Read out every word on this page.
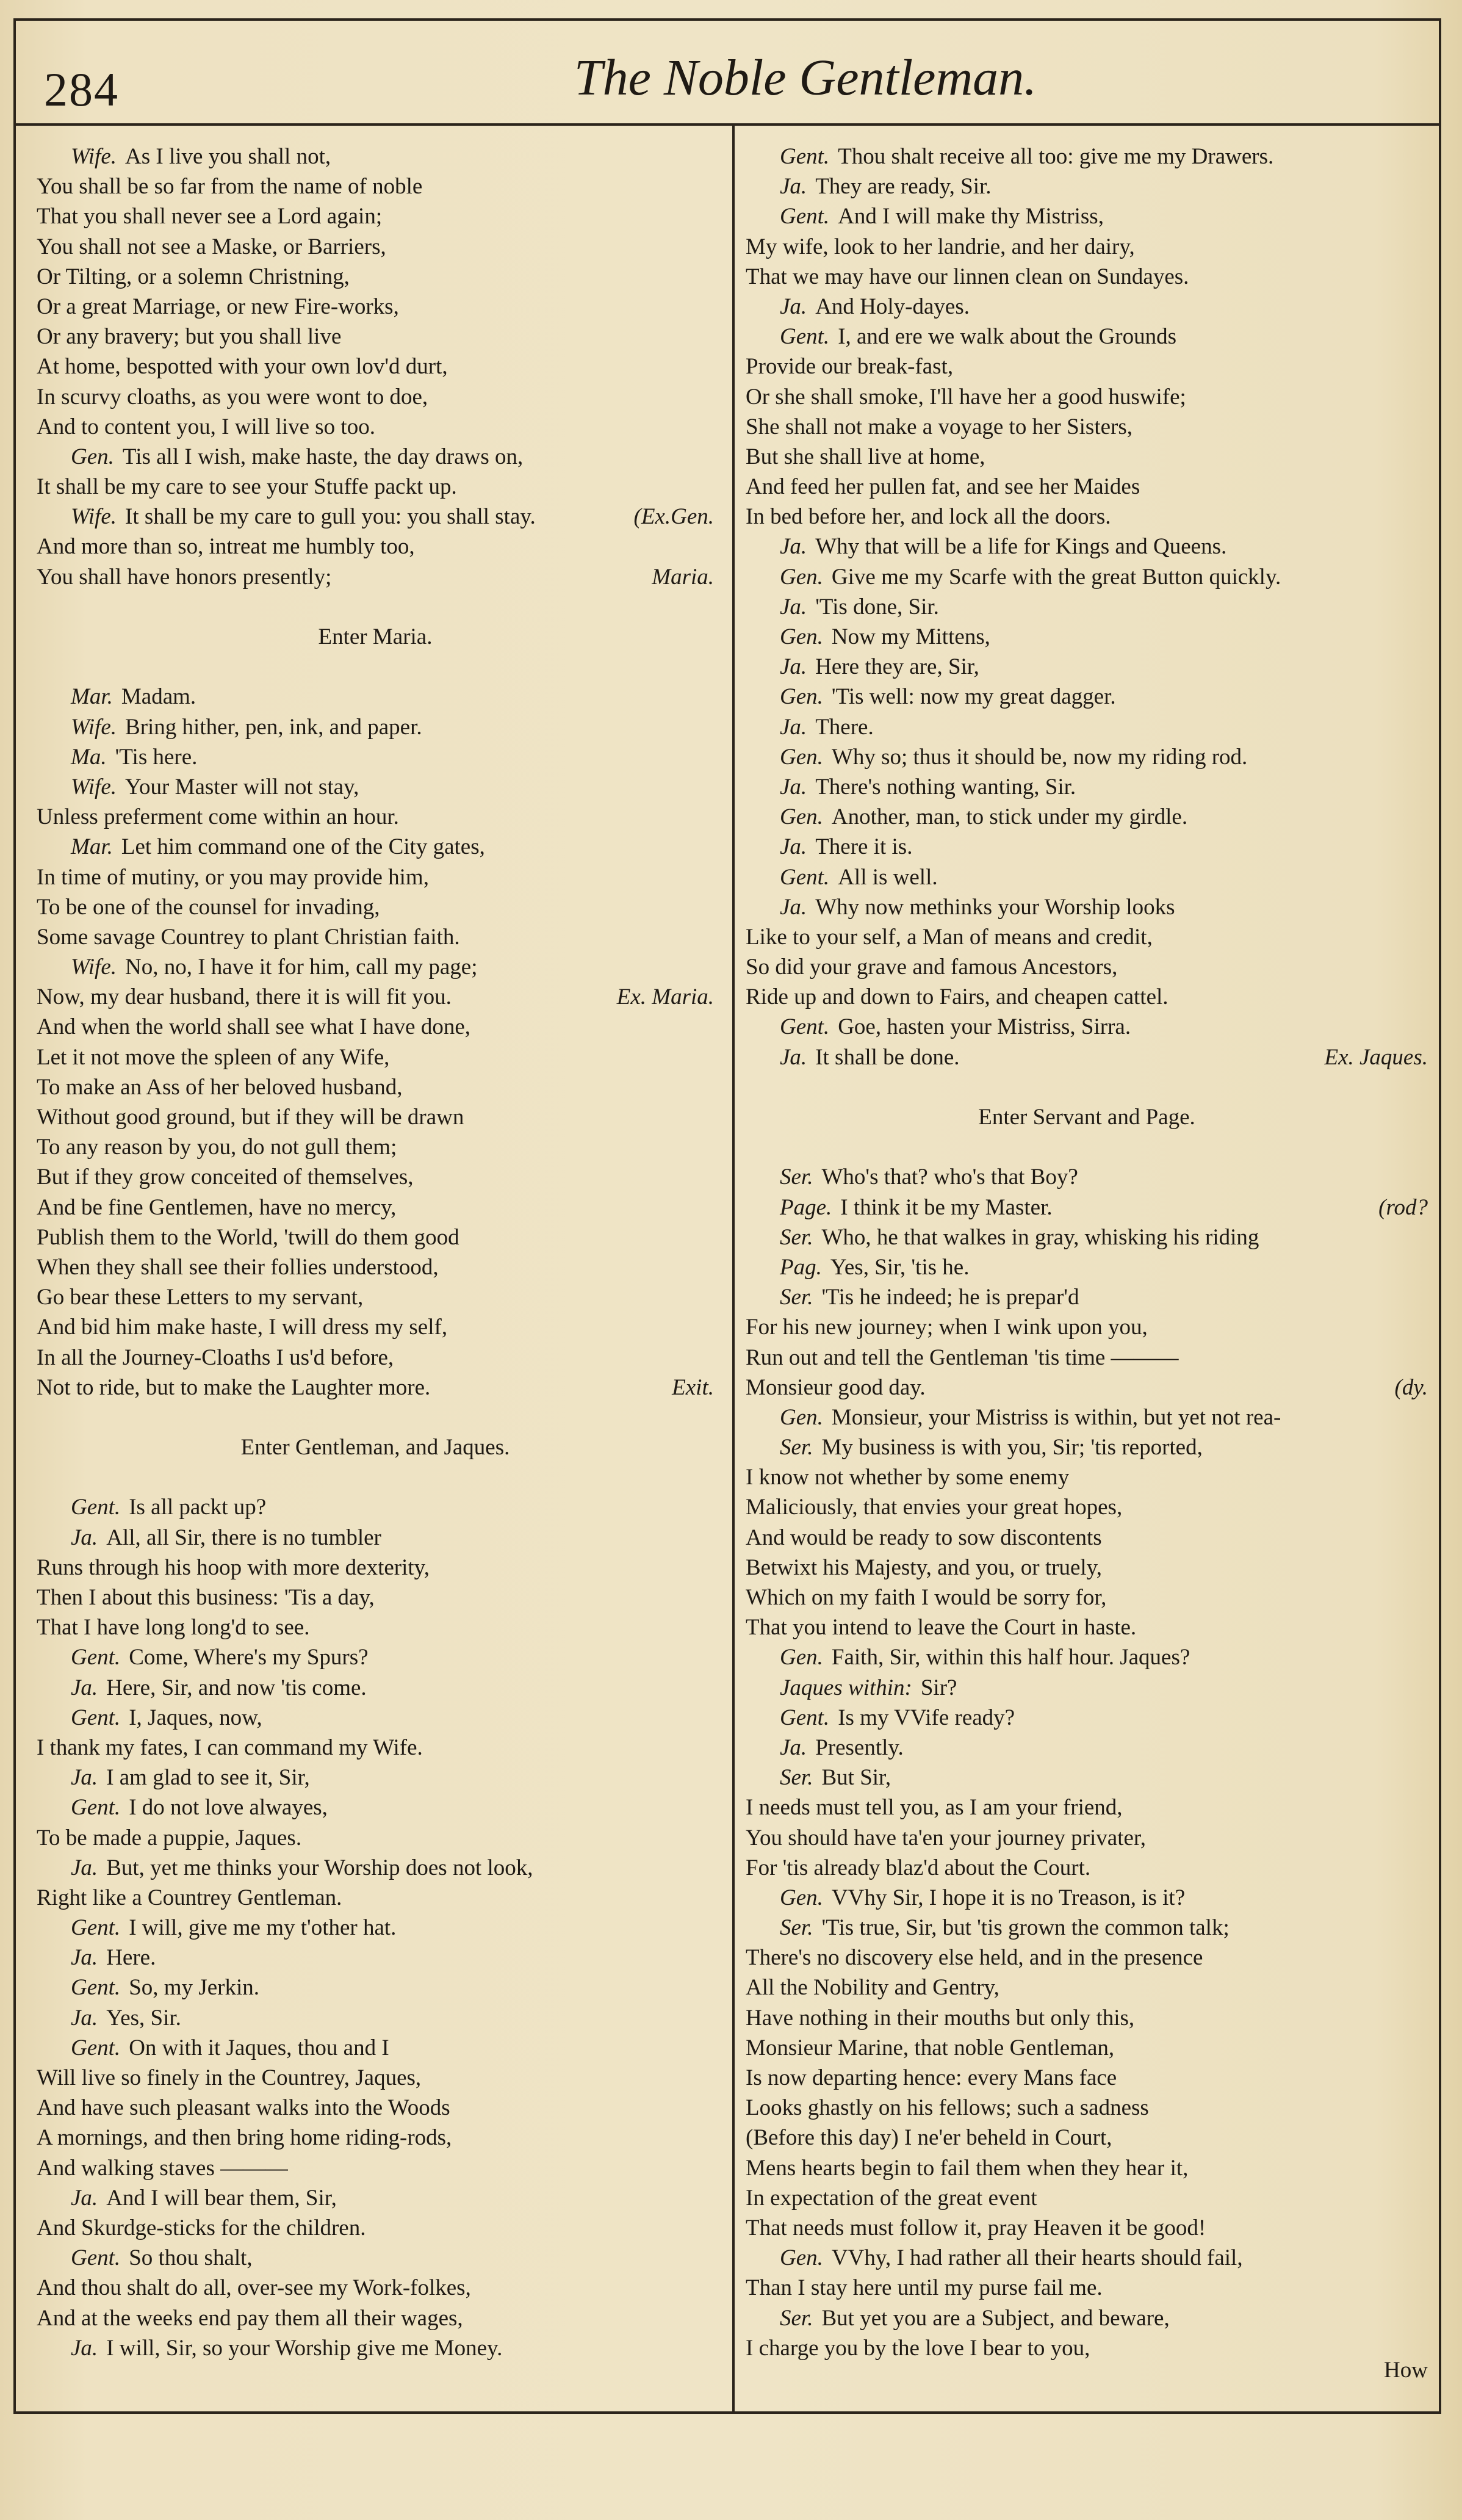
284	The Noble Gentleman.
Wife. As I live you shall not,
You shall be so far from the name of noble
That you shall never see a Lord again;
You shall not see a Maske, or Barriers,
Or Tilting, or a solemn Christning,
Or a great Marriage, or new Fire-works,
Or any bravery; but you shall live
At home, bespotted with your own lov'd durt,
In scurvy cloaths, as you were wont to doe,
And to content you, I will live so too.
Gen. Tis all I wish, make haste, the day draws on,
It shall be my care to see your Stuffe packt up.
Wife. It shall be my care to gull you: you shall stay.	(Ex.Gen.
And more than so, intreat me humbly too,
You shall have honors presently;	Maria.
Enter Maria.
Mar. Madam.
Wife. Bring hither, pen, ink, and paper.
Ma. 'Tis here.
Wife. Your Master will not stay,
Unless preferment come within an hour.
Mar. Let him command one of the City gates,
In time of mutiny, or you may provide him,
To be one of the counsel for invading,
Some savage Countrey to plant Christian faith.
Wife. No, no, I have it for him, call my page;
Now, my dear husband, there it is will fit you.	Ex. Maria.
And when the world shall see what I have done,
Let it not move the spleen of any Wife,
To make an Ass of her beloved husband,
Without good ground, but if they will be drawn
To any reason by you, do not gull them;
But if they grow conceited of themselves,
And be fine Gentlemen, have no mercy,
Publish them to the World, 'twill do them good
When they shall see their follies understood,
Go bear these Letters to my servant,
And bid him make haste, I will dress my self,
In all the Journey-Cloaths I us'd before,
Not to ride, but to make the Laughter more.	Exit.
Enter Gentleman, and Jaques.
Gent. Is all packt up?
Ja. All, all Sir, there is no tumbler
Runs through his hoop with more dexterity,
Then I about this business: 'Tis a day,
That I have long long'd to see.
Gent. Come, Where's my Spurs?
Ja. Here, Sir, and now 'tis come.
Gent. I, Jaques, now,
I thank my fates, I can command my Wife.
Ja. I am glad to see it, Sir,
Gent. I do not love alwayes,
To be made a puppie, Jaques.
Ja. But, yet me thinks your Worship does not look,
Right like a Countrey Gentleman.
Gent. I will, give me my t'other hat.
Ja. Here.
Gent. So, my Jerkin.
Ja. Yes, Sir.
Gent. On with it Jaques, thou and I
Will live so finely in the Countrey, Jaques,
And have such pleasant walks into the Woods
A mornings, and then bring home riding-rods,
And walking staves ———
Ja. And I will bear them, Sir,
And Skurdge-sticks for the children.
Gent. So thou shalt,
And thou shalt do all, over-see my Work-folkes,
And at the weeks end pay them all their wages,
Ja. I will, Sir, so your Worship give me Money.
Gent. Thou shalt receive all too: give me my Drawers.
Ja. They are ready, Sir.
Gent. And I will make thy Mistriss,
My wife, look to her landrie, and her dairy,
That we may have our linnen clean on Sundayes.
Ja. And Holy-dayes.
Gent. I, and ere we walk about the Grounds
Provide our break-fast,
Or she shall smoke, I'll have her a good huswife;
She shall not make a voyage to her Sisters,
But she shall live at home,
And feed her pullen fat, and see her Maides
In bed before her, and lock all the doors.
Ja. Why that will be a life for Kings and Queens.
Gen. Give me my Scarfe with the great Button quickly.
Ja. 'Tis done, Sir.
Gen. Now my Mittens,
Ja. Here they are, Sir,
Gen. 'Tis well: now my great dagger.
Ja. There.
Gen. Why so; thus it should be, now my riding rod.
Ja. There's nothing wanting, Sir.
Gen. Another, man, to stick under my girdle.
Ja. There it is.
Gent. All is well.
Ja. Why now methinks your Worship looks
Like to your self, a Man of means and credit,
So did your grave and famous Ancestors,
Ride up and down to Fairs, and cheapen cattel.
Gent. Goe, hasten your Mistriss, Sirra.
Ja. It shall be done.	Ex. Jaques.
Enter Servant and Page.
Ser. Who's that? who's that Boy?
Page. I think it be my Master.	(rod?
Ser. Who, he that walkes in gray, whisking his riding
Pag. Yes, Sir, 'tis he.
Ser. 'Tis he indeed; he is prepar'd
For his new journey; when I wink upon you,
Run out and tell the Gentleman 'tis time ———
Monsieur good day.	(dy.
Gen. Monsieur, your Mistriss is within, but yet not rea-
Ser. My business is with you, Sir; 'tis reported,
I know not whether by some enemy
Maliciously, that envies your great hopes,
And would be ready to sow discontents
Betwixt his Majesty, and you, or truely,
Which on my faith I would be sorry for,
That you intend to leave the Court in haste.
Gen. Faith, Sir, within this half hour. Jaques?
Jaques within: Sir?
Gent. Is my VVife ready?
Ja. Presently.
Ser. But Sir,
I needs must tell you, as I am your friend,
You should have ta'en your journey privater,
For 'tis already blaz'd about the Court.
Gen. VVhy Sir, I hope it is no Treason, is it?
Ser. 'Tis true, Sir, but 'tis grown the common talk;
There's no discovery else held, and in the presence
All the Nobility and Gentry,
Have nothing in their mouths but only this,
Monsieur Marine, that noble Gentleman,
Is now departing hence: every Mans face
Looks ghastly on his fellows; such a sadness
(Before this day) I ne'er beheld in Court,
Mens hearts begin to fail them when they hear it,
In expectation of the great event
That needs must follow it, pray Heaven it be good!
Gen. VVhy, I had rather all their hearts should fail,
Than I stay here until my purse fail me.
Ser. But yet you are a Subject, and beware,
I charge you by the love I bear to you,
How
